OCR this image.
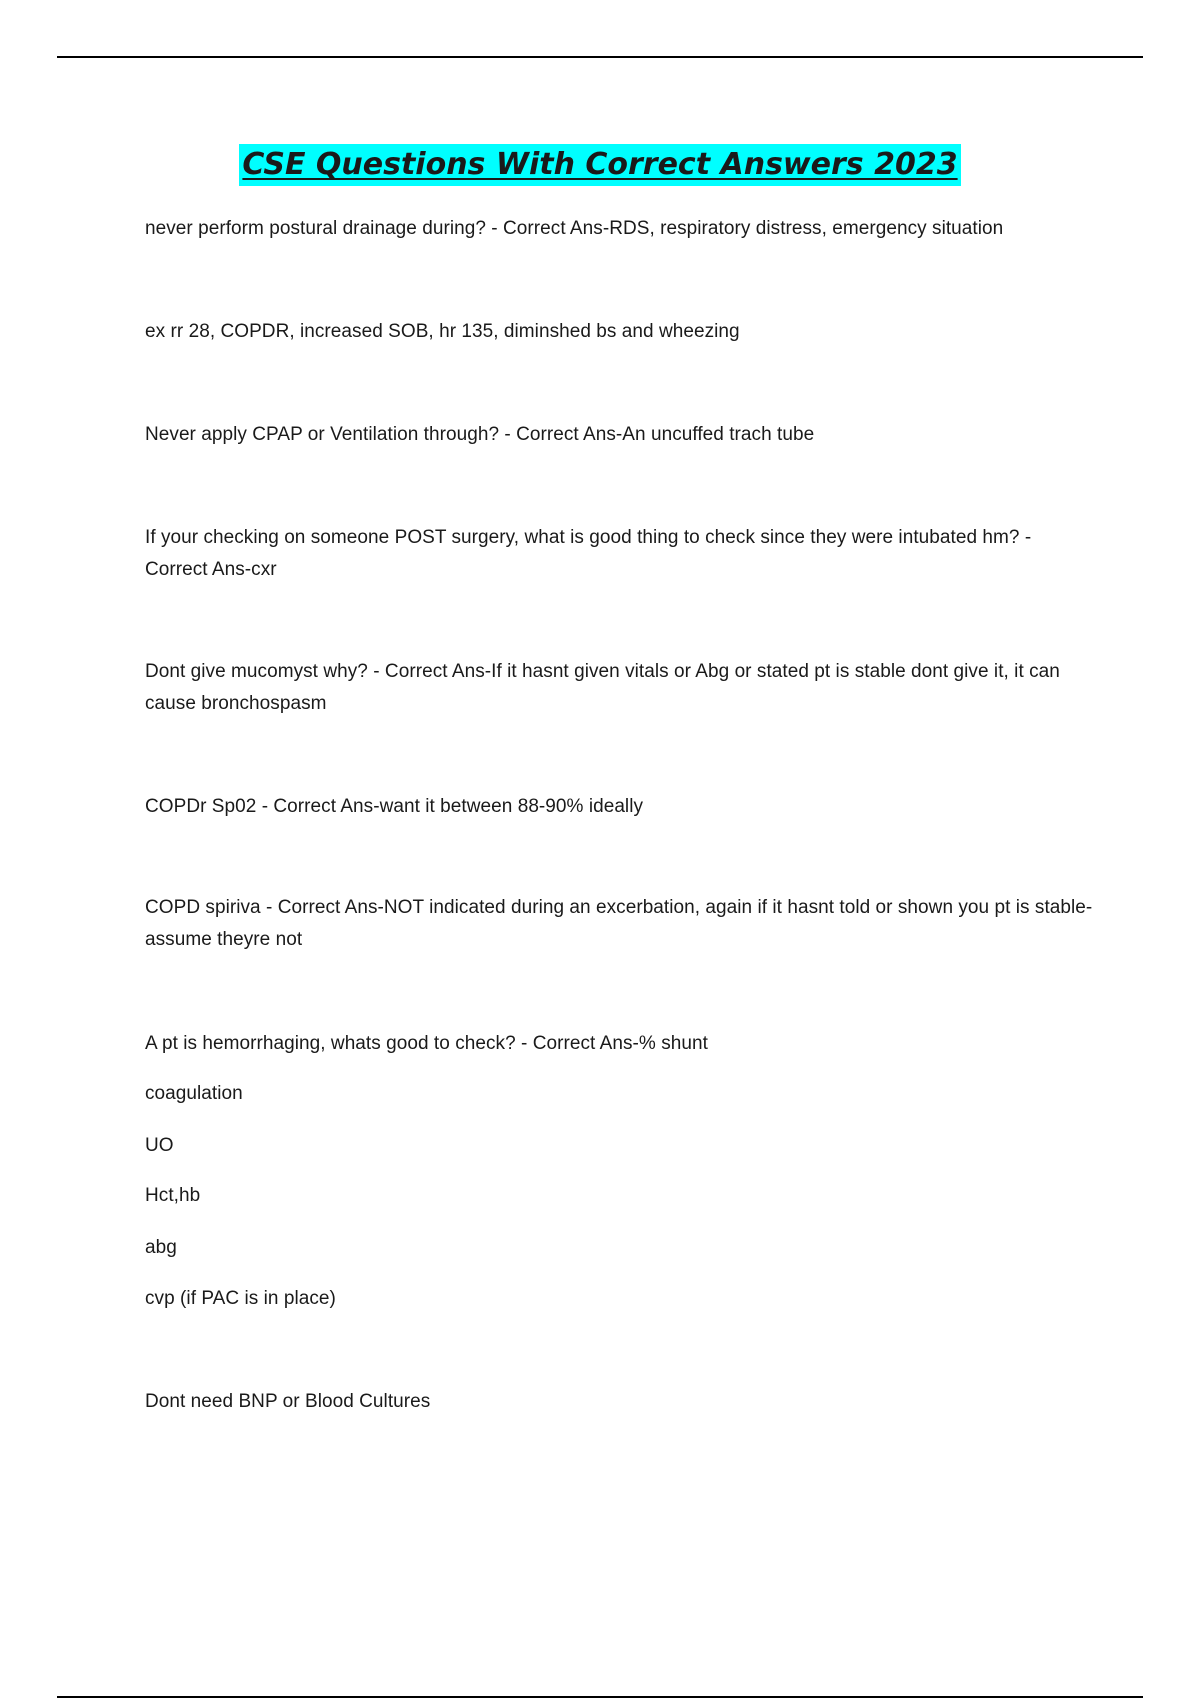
CSE Questions With Correct Answers 2023

never perform postural drainage during? - Correct Ans-RDS, respiratory distress, emergency situation

ex rr 28, COPDR, increased SOB, hr 135, diminshed bs and wheezing

Never apply CPAP or Ventilation through? - Correct Ans-An uncuffed trach tube

If your checking on someone POST surgery, what is good thing to check since they were intubated hm? - Correct Ans-cxr

Dont give mucomyst why? - Correct Ans-If it hasnt given vitals or Abg or stated pt is stable dont give it, it can cause bronchospasm

COPDr Sp02 - Correct Ans-want it between 88-90% ideally

COPD spiriva - Correct Ans-NOT indicated during an excerbation, again if it hasnt told or shown you pt is stable-assume theyre not

A pt is hemorrhaging, whats good to check? - Correct Ans-% shunt

coagulation

UO

Hct,hb

abg

cvp (if PAC is in place)

Dont need BNP or Blood Cultures
